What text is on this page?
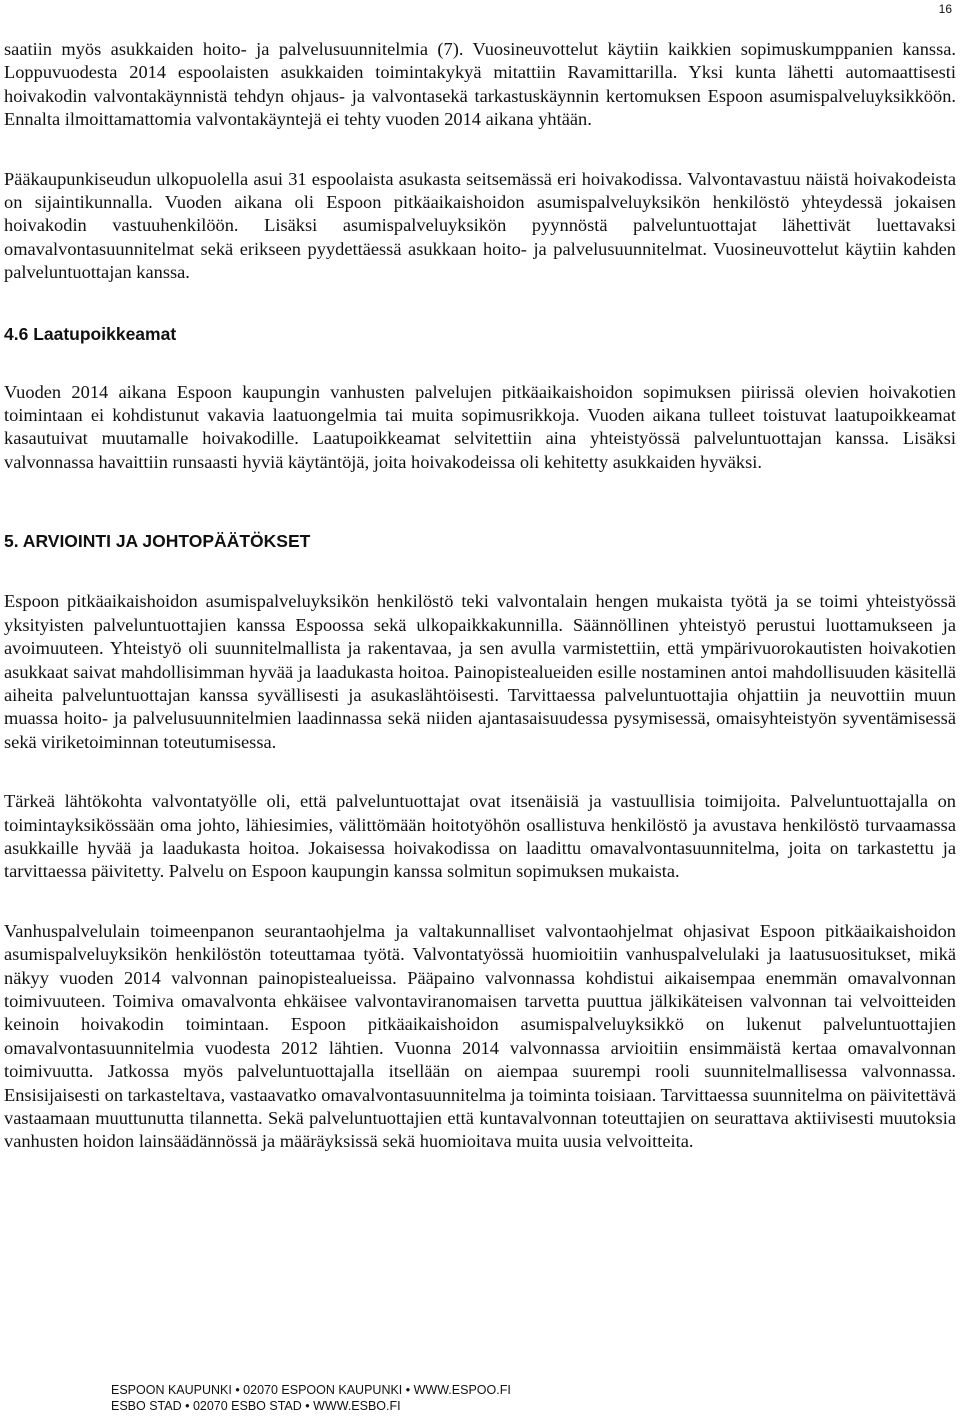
16

saatiin myös asukkaiden hoito- ja palvelusuunnitelmia (7). Vuosineuvottelut käytiin kaikkien sopimuskumppanien kanssa. Loppuvuodesta 2014 espoolaisten asukkaiden toimintakykyä mitattiin Ravamittarilla. Yksi kunta lähetti automaattisesti hoivakodin valvontakäynnistä tehdyn ohjaus- ja valvontasekä tarkastuskäynnin kertomuksen Espoon asumispalveluyksikköön. Ennalta ilmoittamattomia valvontakäyntejä ei tehty vuoden 2014 aikana yhtään.

Pääkaupunkiseudun ulkopuolella asui 31 espoolaista asukasta seitsemässä eri hoivakodissa. Valvontavastuu näistä hoivakodeista on sijaintikunnalla. Vuoden aikana oli Espoon pitkäaikaishoidon asumispalveluyksikön henkilöstö yhteydessä jokaisen hoivakodin vastuuhenkilöön. Lisäksi asumispalveluyksikön pyynnöstä palveluntuottajat lähettivät luettavaksi omavalvontasuunnitelmat sekä erikseen pyydettäessä asukkaan hoito- ja palvelusuunnitelmat. Vuosineuvottelut käytiin kahden palveluntuottajan kanssa.

4.6 Laatupoikkeamat

Vuoden 2014 aikana Espoon kaupungin vanhusten palvelujen pitkäaikaishoidon sopimuksen piirissä olevien hoivakotien toimintaan ei kohdistunut vakavia laatuongelmia tai muita sopimusrikkoja. Vuoden aikana tulleet toistuvat laatupoikkeamat kasautuivat muutamalle hoivakodille. Laatupoikkeamat selvitettiin aina yhteistyössä palveluntuottajan kanssa. Lisäksi valvonnassa havaittiin runsaasti hyviä käytäntöjä, joita hoivakodeissa oli kehitetty asukkaiden hyväksi.

5. ARVIOINTI JA JOHTOPÄÄTÖKSET

Espoon pitkäaikaishoidon asumispalveluyksikön henkilöstö teki valvontalain hengen mukaista työtä ja se toimi yhteistyössä yksityisten palveluntuottajien kanssa Espoossa sekä ulkopaikkakunnilla. Säännöllinen yhteistyö perustui luottamukseen ja avoimuuteen. Yhteistyö oli suunnitelmallista ja rakentavaa, ja sen avulla varmistettiin, että ympärivuorokautisten hoivakotien asukkaat saivat mahdollisimman hyvää ja laadukasta hoitoa. Painopistealueiden esille nostaminen antoi mahdollisuuden käsitellä aiheita palveluntuottajan kanssa syvällisesti ja asukaslähtöisesti. Tarvittaessa palveluntuottajia ohjattiin ja neuvottiin muun muassa hoito- ja palvelusuunnitelmien laadinnassa sekä niiden ajantasaisuudessa pysymisessä, omaisyhteistyön syventämisessä sekä viriketoiminnan toteutumisessa.

Tärkeä lähtökohta valvontatyölle oli, että palveluntuottajat ovat itsenäisiä ja vastuullisia toimijoita. Palveluntuottajalla on toimintayksikössään oma johto, lähiesimies, välittömään hoitotyöhön osallistuva henkilöstö ja avustava henkilöstö turvaamassa asukkaille hyvää ja laadukasta hoitoa. Jokaisessa hoivakodissa on laadittu omavalvontasuunnitelma, joita on tarkastettu ja tarvittaessa päivitetty. Palvelu on Espoon kaupungin kanssa solmitun sopimuksen mukaista.

Vanhuspalvelulain toimeenpanon seurantaohjelma ja valtakunnalliset valvontaohjelmat ohjasivat Espoon pitkäaikaishoidon asumispalveluyksikön henkilöstön toteuttamaa työtä. Valvontatyössä huomioitiin vanhuspalvelulaki ja laatusuositukset, mikä näkyy vuoden 2014 valvonnan painopistealueissa. Pääpaino valvonnassa kohdistui aikaisempaa enemmän omavalvonnan toimivuuteen. Toimiva omavalvonta ehkäisee valvontaviranomaisen tarvetta puuttua jälkikäteisen valvonnan tai velvoitteiden keinoin hoivakodin toimintaan. Espoon pitkäaikaishoidon asumispalveluyksikkö on lukenut palveluntuottajien omavalvontasuunnitelmia vuodesta 2012 lähtien. Vuonna 2014 valvonnassa arvioitiin ensimmäistä kertaa omavalvonnan toimivuutta. Jatkossa myös palveluntuottajalla itsellään on aiempaa suurempi rooli suunnitelmallisessa valvonnassa. Ensisijaisesti on tarkasteltava, vastaavatko omavalvontasuunnitelma ja toiminta toisiaan. Tarvittaessa suunnitelma on päivitettävä vastaamaan muuttunutta tilannetta. Sekä palveluntuottajien että kuntavalvonnan toteuttajien on seurattava aktiivisesti muutoksia vanhusten hoidon lainsäädännössä ja määräyksissä sekä huomioitava muita uusia velvoitteita.

ESPOON KAUPUNKI • 02070 ESPOON KAUPUNKI • WWW.ESPOO.FI
ESBO STAD • 02070 ESBO STAD • WWW.ESBO.FI
